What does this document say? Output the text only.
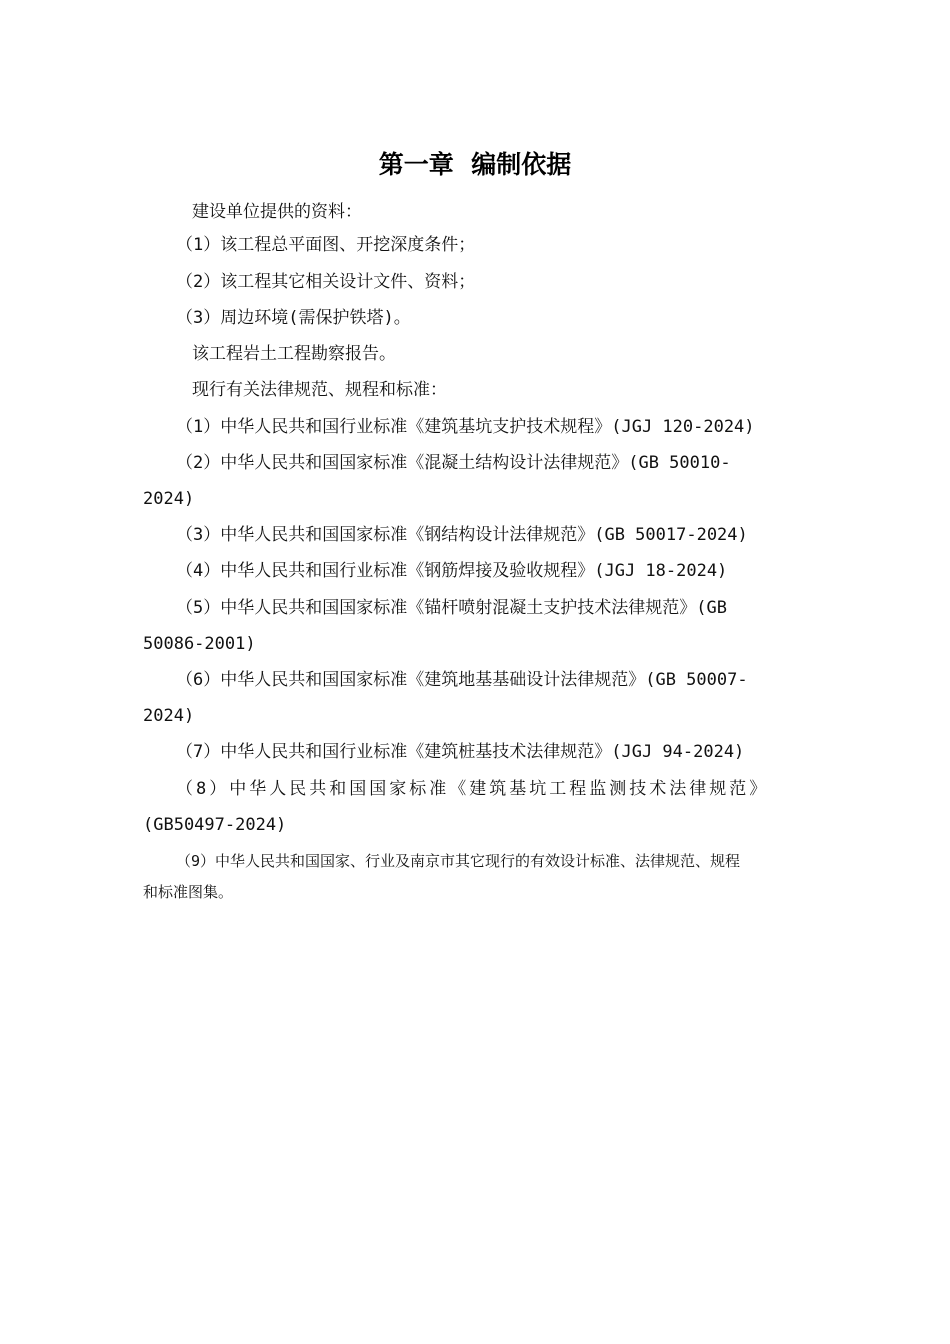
第一章  编制依据
建设单位提供的资料：
（1）该工程总平面图、开挖深度条件；
（2）该工程其它相关设计文件、资料；
（3）周边环境(需保护铁塔)。
该工程岩土工程勘察报告。
现行有关法律规范、规程和标准：
（1）中华人民共和国行业标准《建筑基坑支护技术规程》(JGJ 120-2024)
（2）中华人民共和国国家标准《混凝土结构设计法律规范》(GB 50010-
2024)
（3）中华人民共和国国家标准《钢结构设计法律规范》(GB 50017-2024)
（4）中华人民共和国行业标准《钢筋焊接及验收规程》(JGJ 18-2024)
（5）中华人民共和国国家标准《锚杆喷射混凝土支护技术法律规范》(GB
50086-2001)
（6）中华人民共和国国家标准《建筑地基基础设计法律规范》(GB 50007-
2024)
（7）中华人民共和国行业标准《建筑桩基技术法律规范》(JGJ 94-2024)
（8）中华人民共和国国家标准《建筑基坑工程监测技术法律规范》
(GB50497-2024)
（9）中华人民共和国国家、行业及南京市其它现行的有效设计标准、法律规范、规程
和标准图集。
